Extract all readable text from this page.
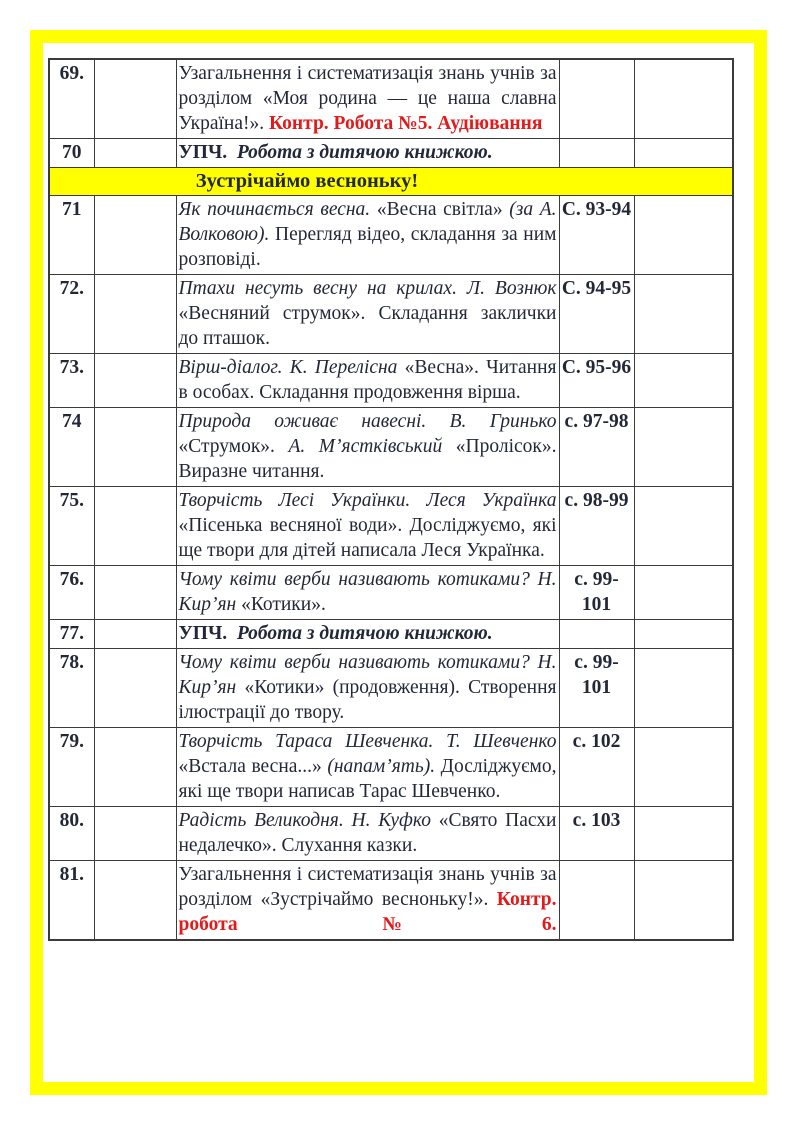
69.		Узагальнення і систематизація знань учнів за розділом «Моя родина — це наша славна Україна!». Контр. Робота №5. Аудіювання		
70		УПЧ.  Робота з дитячою книжкою.		

Зустрічаймо весноньку!				

71		Як починається весна. «Весна світла» (за А. Волковою). Перегляд відео, складання за ним розповіді.	С. 93-94	
72.		Птахи несуть весну на крилах. Л. Вознюк «Весняний струмок». Складання заклички до пташок.	С. 94-95	
73.		Вірш-діалог. К. Перелісна «Весна». Читання в особах. Складання продовження вірша.	С. 95-96	
74		Природа оживає навесні. В. Гринько «Струмок». А. М’ястківський «Пролісок». Виразне читання.	с. 97-98	
75.		Творчість Лесі Українки. Леся Українка «Пісенька весняної води». Досліджуємо, які ще твори для дітей написала Леся Українка.	с. 98-99	
76.		Чому квіти верби називають котиками? Н. Кир’ян «Котики».	с. 99-101	
77.		УПЧ.  Робота з дитячою книжкою.		
78.		Чому квіти верби називають котиками? Н. Кир’ян «Котики» (продовження). Створення ілюстрації до твору.	с. 99-101	
79.		Творчість Тараса Шевченка. Т. Шевченко «Встала весна...» (напам’ять). Досліджуємо, які ще твори написав Тарас Шевченко.	с. 102	
80.		Радість Великодня. Н. Куфко «Свято Пасхи недалечко». Слухання казки.	с. 103	
81.		Узагальнення і систематизація знань учнів за розділом «Зустрічаймо весноньку!». Контр. робота №6.		
